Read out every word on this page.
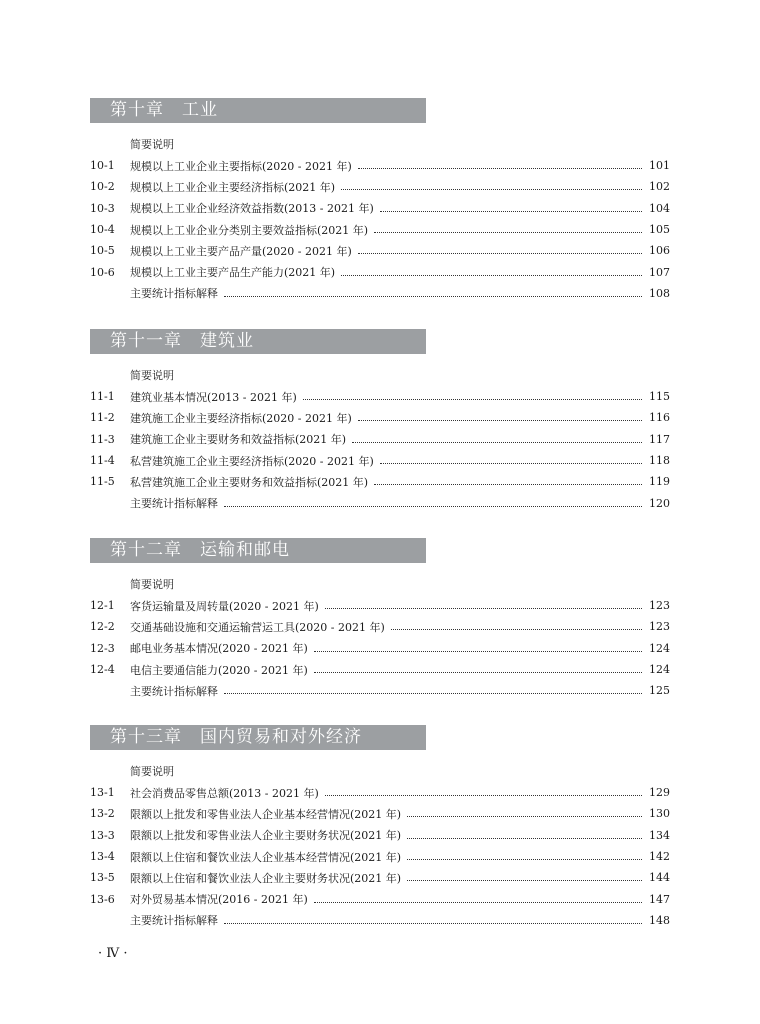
第十章　工业
简要说明
10-1	规模以上工业企业主要指标(2020 - 2021 年)	101
10-2	规模以上工业企业主要经济指标(2021 年)	102
10-3	规模以上工业企业经济效益指数(2013 - 2021 年)	104
10-4	规模以上工业企业分类别主要效益指标(2021 年)	105
10-5	规模以上工业主要产品产量(2020 - 2021 年)	106
10-6	规模以上工业主要产品生产能力(2021 年)	107
主要统计指标解释	108
第十一章　建筑业
简要说明
11-1	建筑业基本情况(2013 - 2021 年)	115
11-2	建筑施工企业主要经济指标(2020 - 2021 年)	116
11-3	建筑施工企业主要财务和效益指标(2021 年)	117
11-4	私营建筑施工企业主要经济指标(2020 - 2021 年)	118
11-5	私营建筑施工企业主要财务和效益指标(2021 年)	119
主要统计指标解释	120
第十二章　运输和邮电
简要说明
12-1	客货运输量及周转量(2020 - 2021 年)	123
12-2	交通基础设施和交通运输营运工具(2020 - 2021 年)	123
12-3	邮电业务基本情况(2020 - 2021 年)	124
12-4	电信主要通信能力(2020 - 2021 年)	124
主要统计指标解释	125
第十三章　国内贸易和对外经济
简要说明
13-1	社会消费品零售总额(2013 - 2021 年)	129
13-2	限额以上批发和零售业法人企业基本经营情况(2021 年)	130
13-3	限额以上批发和零售业法人企业主要财务状况(2021 年)	134
13-4	限额以上住宿和餐饮业法人企业基本经营情况(2021 年)	142
13-5	限额以上住宿和餐饮业法人企业主要财务状况(2021 年)	144
13-6	对外贸易基本情况(2016 - 2021 年)	147
主要统计指标解释	148
· Ⅳ ·
